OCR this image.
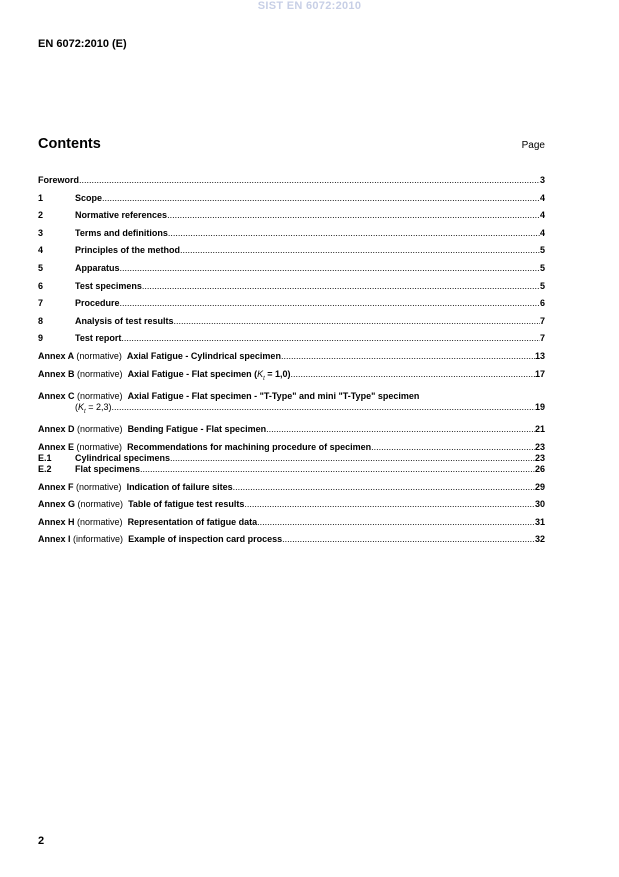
SIST EN 6072:2010
EN 6072:2010 (E)
Contents	Page
Foreword .....	3
1	Scope .....	4
2	Normative references .....	4
3	Terms and definitions .....	4
4	Principles of the method .....	5
5	Apparatus .....	5
6	Test specimens .....	5
7	Procedure .....	6
8	Analysis of test results .....	7
9	Test report .....	7
Annex A (normative) Axial Fatigue - Cylindrical specimen .....	13
Annex B (normative) Axial Fatigue - Flat specimen $(K_t = 1,0)$ .....	17
Annex C (normative) Axial Fatigue - Flat specimen - "T-Type" and mini "T-Type" specimen
$(K_t = 2,3)$ .....	19
Annex D (normative) Bending Fatigue - Flat specimen .....	21
Annex E (normative) Recommendations for machining procedure of specimen .....	23
E.1	Cylindrical specimens .....	23
E.2	Flat specimens .....	26
Annex F (normative) Indication of failure sites .....	29
Annex G (normative) Table of fatigue test results .....	30
Annex H (normative) Representation of fatigue data .....	31
Annex I (informative) Example of inspection card process .....	32
2
